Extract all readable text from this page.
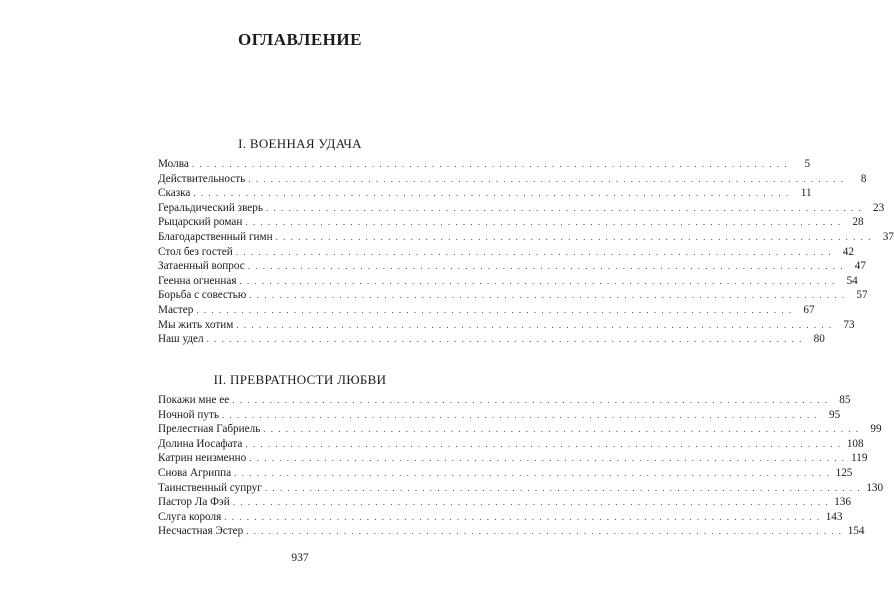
ОГЛАВЛЕНИЕ
I. ВОЕННАЯ УДАЧА
Молва . . . . . . . . . . . . . . . . . . . . . . . . . . . . . . . . . . . . . . . . . . . . . . . . . . . . . . . . . . . . . . . . . . . . . . . . . . . . . . . .	5
Действительность . . . . . . . . . . . . . . . . . . . . . . . . . . . . . . . . . . . . . . . . . . . . . . . . . . . . . . . . . . . . . . . . . . . . . . . . . . . . . . . .	8
Сказка . . . . . . . . . . . . . . . . . . . . . . . . . . . . . . . . . . . . . . . . . . . . . . . . . . . . . . . . . . . . . . . . . . . . . . . . . . . . . . . .	11
Геральдический зверь . . . . . . . . . . . . . . . . . . . . . . . . . . . . . . . . . . . . . . . . . . . . . . . . . . . . . . . . . . . . . . . . . . . . . . . . . . . . . . . . 23
Рыцарский роман . . . . . . . . . . . . . . . . . . . . . . . . . . . . . . . . . . . . . . . . . . . . . . . . . . . . . . . . . . . . . . . . . . . . . . . . . . . . . . . . 28
Благодарственный гимн . . . . . . . . . . . . . . . . . . . . . . . . . . . . . . . . . . . . . . . . . . . . . . . . . . . . . . . . . . . . . . . . . . . . . . . . . . . . . . . . 37
Стол без гостей . . . . . . . . . . . . . . . . . . . . . . . . . . . . . . . . . . . . . . . . . . . . . . . . . . . . . . . . . . . . . . . . . . . . . . . . . . . . . . . . 42
Затаенный вопрос . . . . . . . . . . . . . . . . . . . . . . . . . . . . . . . . . . . . . . . . . . . . . . . . . . . . . . . . . . . . . . . . . . . . . . . . . . . . . . . . 47
Геенна огненная . . . . . . . . . . . . . . . . . . . . . . . . . . . . . . . . . . . . . . . . . . . . . . . . . . . . . . . . . . . . . . . . . . . . . . . . . . . . . . . . 54
Борьба с совестью . . . . . . . . . . . . . . . . . . . . . . . . . . . . . . . . . . . . . . . . . . . . . . . . . . . . . . . . . . . . . . . . . . . . . . . . . . . . . . . . 57
Мастер . . . . . . . . . . . . . . . . . . . . . . . . . . . . . . . . . . . . . . . . . . . . . . . . . . . . . . . . . . . . . . . . . . . . . . . . . . . . . . . . 67
Мы жить хотим . . . . . . . . . . . . . . . . . . . . . . . . . . . . . . . . . . . . . . . . . . . . . . . . . . . . . . . . . . . . . . . . . . . . . . . . . . . . . . . . 73
Наш удел . . . . . . . . . . . . . . . . . . . . . . . . . . . . . . . . . . . . . . . . . . . . . . . . . . . . . . . . . . . . . . . . . . . . . . . . . . . . . . . . 80
II. ПРЕВРАТНОСТИ ЛЮБВИ
Покажи мне ее . . . . . . . . . . . . . . . . . . . . . . . . . . . . . . . . . . . . . . . . . . . . . . . . . . . . . . . . . . . . . . . . . . . . . . . . . . . . . . . . 85
Ночной путь . . . . . . . . . . . . . . . . . . . . . . . . . . . . . . . . . . . . . . . . . . . . . . . . . . . . . . . . . . . . . . . . . . . . . . . . . . . . . . . . 95
Прелестная Габриель . . . . . . . . . . . . . . . . . . . . . . . . . . . . . . . . . . . . . . . . . . . . . . . . . . . . . . . . . . . . . . . . . . . . . . . . . . . . . . . . 99
Долина Иосафата . . . . . . . . . . . . . . . . . . . . . . . . . . . . . . . . . . . . . . . . . . . . . . . . . . . . . . . . . . . . . . . . . . . . . . . . . . . . . . . . 108
Катрин неизменно . . . . . . . . . . . . . . . . . . . . . . . . . . . . . . . . . . . . . . . . . . . . . . . . . . . . . . . . . . . . . . . . . . . . . . . . . . . . . . . . 119
Снова Агриппа . . . . . . . . . . . . . . . . . . . . . . . . . . . . . . . . . . . . . . . . . . . . . . . . . . . . . . . . . . . . . . . . . . . . . . . . . . . . . . . . 125
Таинственный супруг . . . . . . . . . . . . . . . . . . . . . . . . . . . . . . . . . . . . . . . . . . . . . . . . . . . . . . . . . . . . . . . . . . . . . . . . . . . . . . . . 130
Пастор Ла Фэй . . . . . . . . . . . . . . . . . . . . . . . . . . . . . . . . . . . . . . . . . . . . . . . . . . . . . . . . . . . . . . . . . . . . . . . . . . . . . . . . 136
Слуга короля . . . . . . . . . . . . . . . . . . . . . . . . . . . . . . . . . . . . . . . . . . . . . . . . . . . . . . . . . . . . . . . . . . . . . . . . . . . . . . . . 143
Несчастная Эстер . . . . . . . . . . . . . . . . . . . . . . . . . . . . . . . . . . . . . . . . . . . . . . . . . . . . . . . . . . . . . . . . . . . . . . . . . . . . . . . . 154
937
